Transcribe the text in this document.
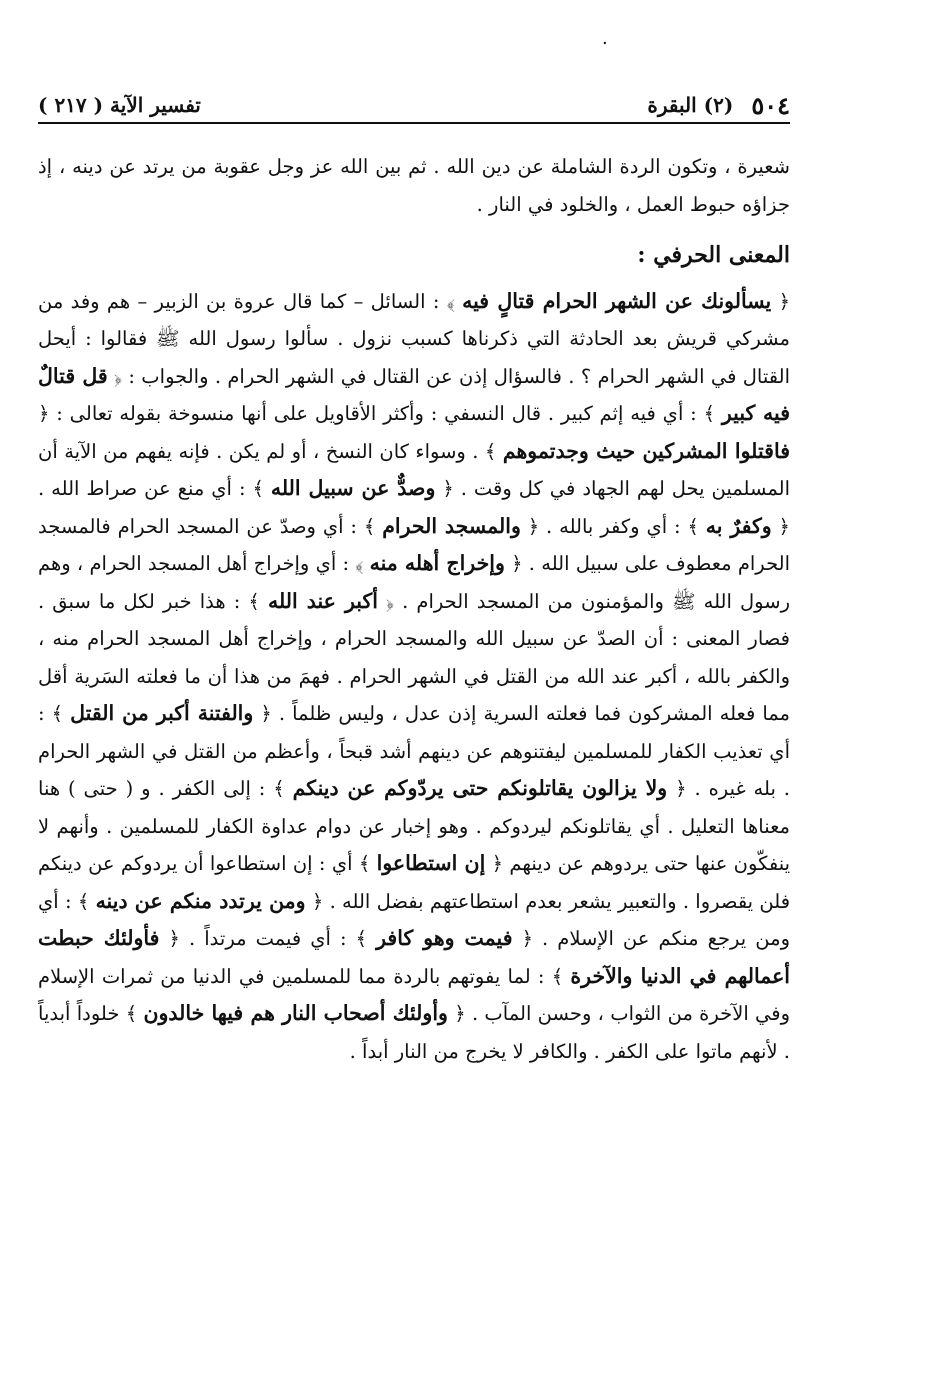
٠
٥٠٤
(٢) البقرة
تفسير الآية ( ٢١٧ )

شعيرة ، وتكون الردة الشاملة عن دين الله . ثم بين الله عز وجل عقوبة من يرتد عن دينه ، إذ جزاؤه حبوط العمل ، والخلود في النار .

المعنى الحرفي :

﴿ يسألونك عن الشهر الحرام قتالٍ فيه ﴾ : السائل – كما قال عروة بن الزبير – هم وفد من مشركي قريش بعد الحادثة التي ذكرناها كسبب نزول . سألوا رسول الله ﷺ فقالوا : أيحل القتال في الشهر الحرام ؟ . فالسؤال إذن عن القتال في الشهر الحرام . والجواب : ﴿ قل قتالٌ فيه كبير ﴾ : أي فيه إثم كبير . قال النسفي : وأكثر الأقاويل على أنها منسوخة بقوله تعالى : ﴿ فاقتلوا المشركين حيث وجدتموهم ﴾ . وسواء كان النسخ ، أو لم يكن . فإنه يفهم من الآية أن المسلمين يحل لهم الجهاد في كل وقت . ﴿ وصدٌّ عن سبيل الله ﴾ : أي منع عن صراط الله . ﴿ وكفرٌ به ﴾ : أي وكفر بالله . ﴿ والمسجد الحرام ﴾ : أي وصدّ عن المسجد الحرام فالمسجد الحرام معطوف على سبيل الله . ﴿ وإخراج أهله منه ﴾ : أي وإخراج أهل المسجد الحرام ، وهم رسول الله ﷺ والمؤمنون من المسجد الحرام . ﴿ أكبر عند الله ﴾ : هذا خبر لكل ما سبق . فصار المعنى : أن الصدّ عن سبيل الله والمسجد الحرام ، وإخراج أهل المسجد الحرام منه ، والكفر بالله ، أكبر عند الله من القتل في الشهر الحرام . فهمَ من هذا أن ما فعلته السَرية أقل مما فعله المشركون فما فعلته السرية إذن عدل ، وليس ظلماً . ﴿ والفتنة أكبر من القتل ﴾ : أي تعذيب الكفار للمسلمين ليفتنوهم عن دينهم أشد قبحاً ، وأعظم من القتل في الشهر الحرام . بله غيره . ﴿ ولا يزالون يقاتلونكم حتى يردّوكم عن دينكم ﴾ : إلى الكفر . و ( حتى ) هنا معناها التعليل . أي يقاتلونكم ليردوكم . وهو إخبار عن دوام عداوة الكفار للمسلمين . وأنهم لا ينفكّون عنها حتى يردوهم عن دينهم ﴿ إن استطاعوا ﴾ أي : إن استطاعوا أن يردوكم عن دينكم فلن يقصروا . والتعبير يشعر بعدم استطاعتهم بفضل الله . ﴿ ومن يرتدد منكم عن دينه ﴾ : أي ومن يرجع منكم عن الإسلام . ﴿ فيمت وهو كافر ﴾ : أي فيمت مرتداً . ﴿ فأولئك حبطت أعمالهم في الدنيا والآخرة ﴾ : لما يفوتهم بالردة مما للمسلمين في الدنيا من ثمرات الإسلام وفي الآخرة من الثواب ، وحسن المآب . ﴿ وأولئك أصحاب النار هم فيها خالدون ﴾ خلوداً أبدياً . لأنهم ماتوا على الكفر . والكافر لا يخرج من النار أبداً .
